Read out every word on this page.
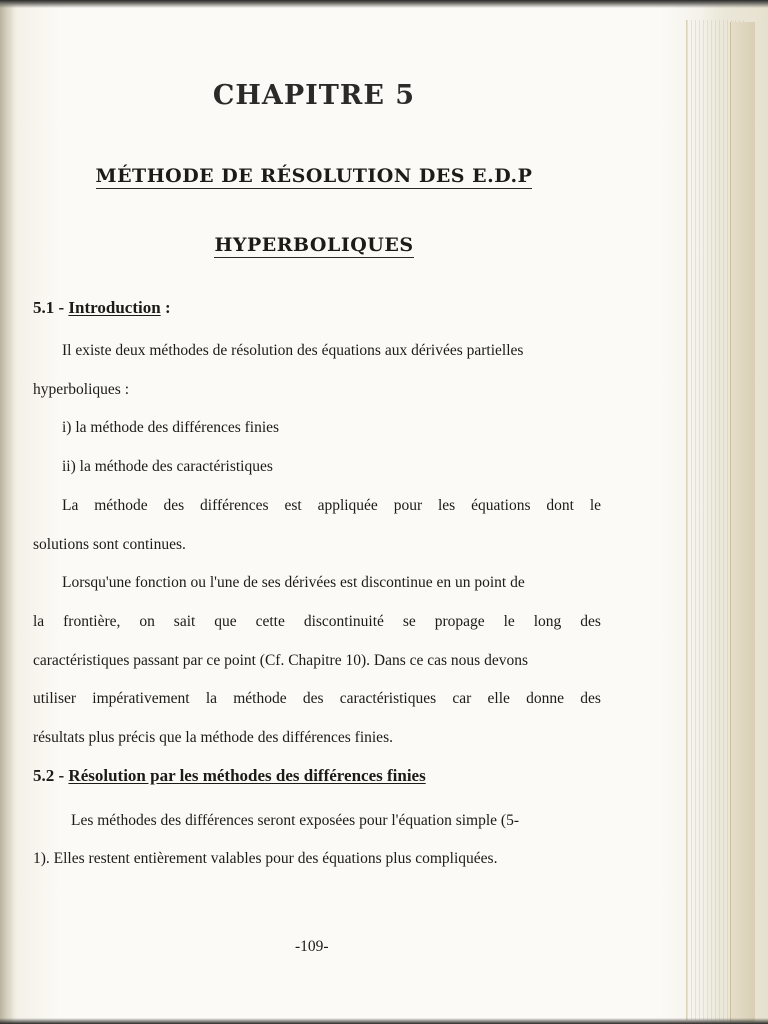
CHAPITRE 5
MÉTHODE DE RÉSOLUTION DES E.D.P
HYPERBOLIQUES
5.1 - Introduction :
Il existe deux méthodes de résolution des équations aux dérivées partielles
hyperboliques :
i) la méthode des différences finies
ii) la méthode des caractéristiques
La méthode des différences est appliquée pour les équations dont le
solutions sont continues.
Lorsqu'une fonction ou l'une de ses dérivées est discontinue en un point de
la frontière, on sait que cette discontinuité se propage le long des
caractéristiques passant par ce point (Cf. Chapitre 10). Dans ce cas nous devons
utiliser impérativement la méthode des caractéristiques car elle donne des
résultats plus précis que la méthode des différences finies.
5.2 - Résolution par les méthodes des différences finies
Les méthodes des différences seront exposées pour l'équation simple (5-
1). Elles restent entièrement valables pour des équations plus compliquées.
-109-
